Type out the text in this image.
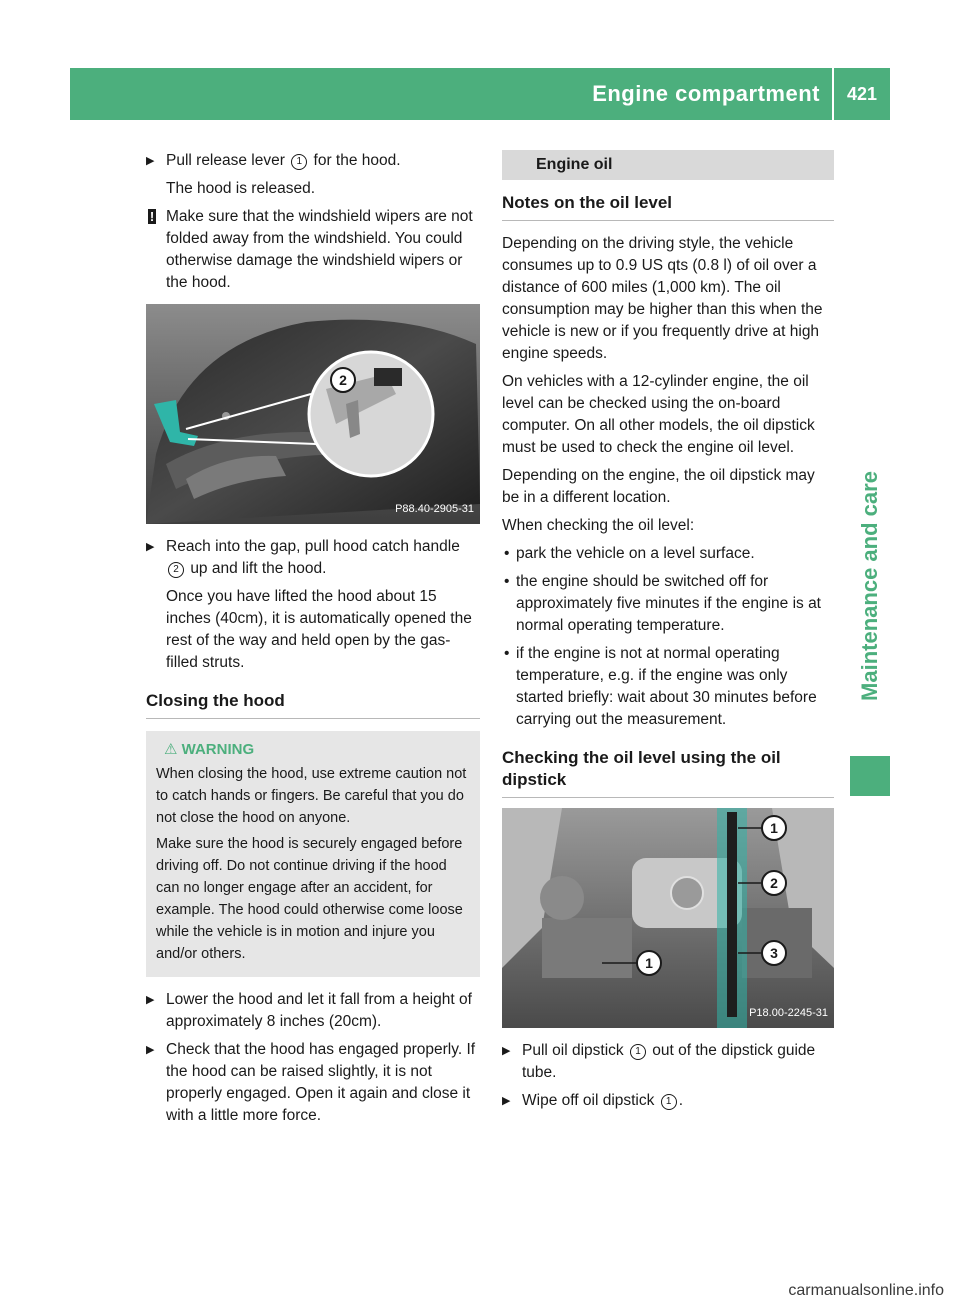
Engine compartment	421
Maintenance and care
▶ Pull release lever 1 for the hood.

The hood is released.

! Make sure that the windshield wipers are not folded away from the windshield. You could otherwise damage the windshield wipers or the hood.
2
P88.40-2905-31
▶ Reach into the gap, pull hood catch handle 2 up and lift the hood.

Once you have lifted the hood about 15 inches (40cm), it is automatically opened the rest of the way and held open by the gas-filled struts.

Closing the hood
⚠ WARNING

When closing the hood, use extreme caution not to catch hands or fingers. Be careful that you do not close the hood on anyone.

Make sure the hood is securely engaged before driving off. Do not continue driving if the hood can no longer engage after an accident, for example. The hood could otherwise come loose while the vehicle is in motion and injure you and/or others.

▶ Lower the hood and let it fall from a height of approximately 8 inches (20cm).
▶ Check that the hood has engaged properly. If the hood can be raised slightly, it is not properly engaged. Open it again and close it with a little more force.
Engine oil
Notes on the oil level

Depending on the driving style, the vehicle consumes up to 0.9 US qts (0.8 l) of oil over a distance of 600 miles (1,000 km). The oil consumption may be higher than this when the vehicle is new or if you frequently drive at high engine speeds.

On vehicles with a 12-cylinder engine, the oil level can be checked using the on-board computer. On all other models, the oil dipstick must be used to check the engine oil level.

Depending on the engine, the oil dipstick may be in a different location.

When checking the oil level:

• park the vehicle on a level surface.
• the engine should be switched off for approximately five minutes if the engine is at normal operating temperature.
• if the engine is not at normal operating temperature, e.g. if the engine was only started briefly: wait about 30 minutes before carrying out the measurement.
Checking the oil level using the oil dipstick
1
2
3
1
P18.00-2245-31
▶ Pull oil dipstick 1 out of the dipstick guide tube.
▶ Wipe off oil dipstick 1 .
carmanualsonline.info
